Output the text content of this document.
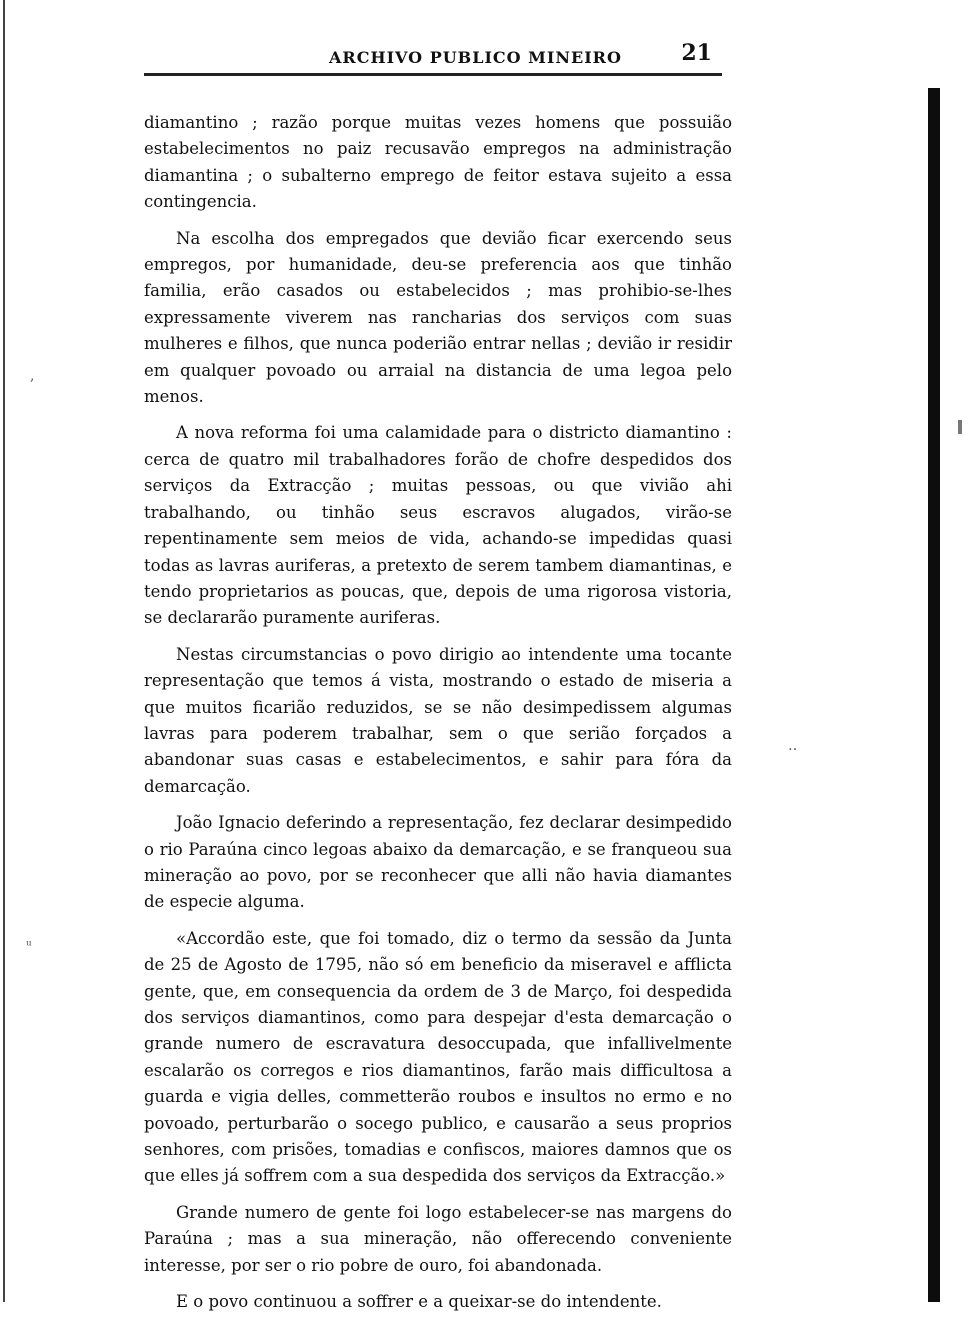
,
ᵘ
‥
ARCHIVO PUBLICO MINEIRO	21

diamantino ; razão porque muitas vezes homens que possuião estabelecimentos no paiz recusavão empregos na administração diamantina ; o subalterno emprego de feitor estava sujeito a essa contingencia.

Na escolha dos empregados que devião ficar exercendo seus empregos, por humanidade, deu-se preferencia aos que tinhão familia, erão casados ou estabelecidos ; mas prohibio-se-lhes expressamente viverem nas rancharias dos serviços com suas mulheres e filhos, que nunca poderião entrar nellas ; devião ir residir em qualquer povoado ou arraial na distancia de uma legoa pelo menos.

A nova reforma foi uma calamidade para o districto diamantino : cerca de quatro mil trabalhadores forão de chofre despedidos dos serviços da Extracção ; muitas pessoas, ou que vivião ahi trabalhando, ou tinhão seus escravos alugados, virão-se repentinamente sem meios de vida, achando-se impedidas quasi todas as lavras auriferas, a pretexto de serem tambem diamantinas, e tendo proprietarios as poucas, que, depois de uma rigorosa vistoria, se declararão puramente auriferas.

Nestas circumstancias o povo dirigio ao intendente uma tocante representação que temos á vista, mostrando o estado de miseria a que muitos ficarião reduzidos, se se não desimpedissem algumas lavras para poderem trabalhar, sem o que serião forçados a abandonar suas casas e estabelecimentos, e sahir para fóra da demarcação.

João Ignacio deferindo a representação, fez declarar desimpedido o rio Paraúna cinco legoas abaixo da demarcação, e se franqueou sua mineração ao povo, por se reconhecer que alli não havia diamantes de especie alguma.

«Accordão este, que foi tomado, diz o termo da sessão da Junta de 25 de Agosto de 1795, não só em beneficio da miseravel e afflicta gente, que, em consequencia da ordem de 3 de Março, foi despedida dos serviços diamantinos, como para despejar d'esta demarcação o grande numero de escravatura desoccupada, que infallivelmente escalarão os corregos e rios diamantinos, farão mais difficultosa a guarda e vigia delles, commetterão roubos e insultos no ermo e no povoado, perturbarão o socego publico, e causarão a seus proprios senhores, com prisões, tomadias e confiscos, maiores damnos que os que elles já soffrem com a sua despedida dos serviços da Extracção.»

Grande numero de gente foi logo estabelecer-se nas margens do Paraúna ; mas a sua mineração, não offerecendo conveniente interesse, por ser o rio pobre de ouro, foi abandonada.

E o povo continuou a soffrer e a queixar-se do intendente.
